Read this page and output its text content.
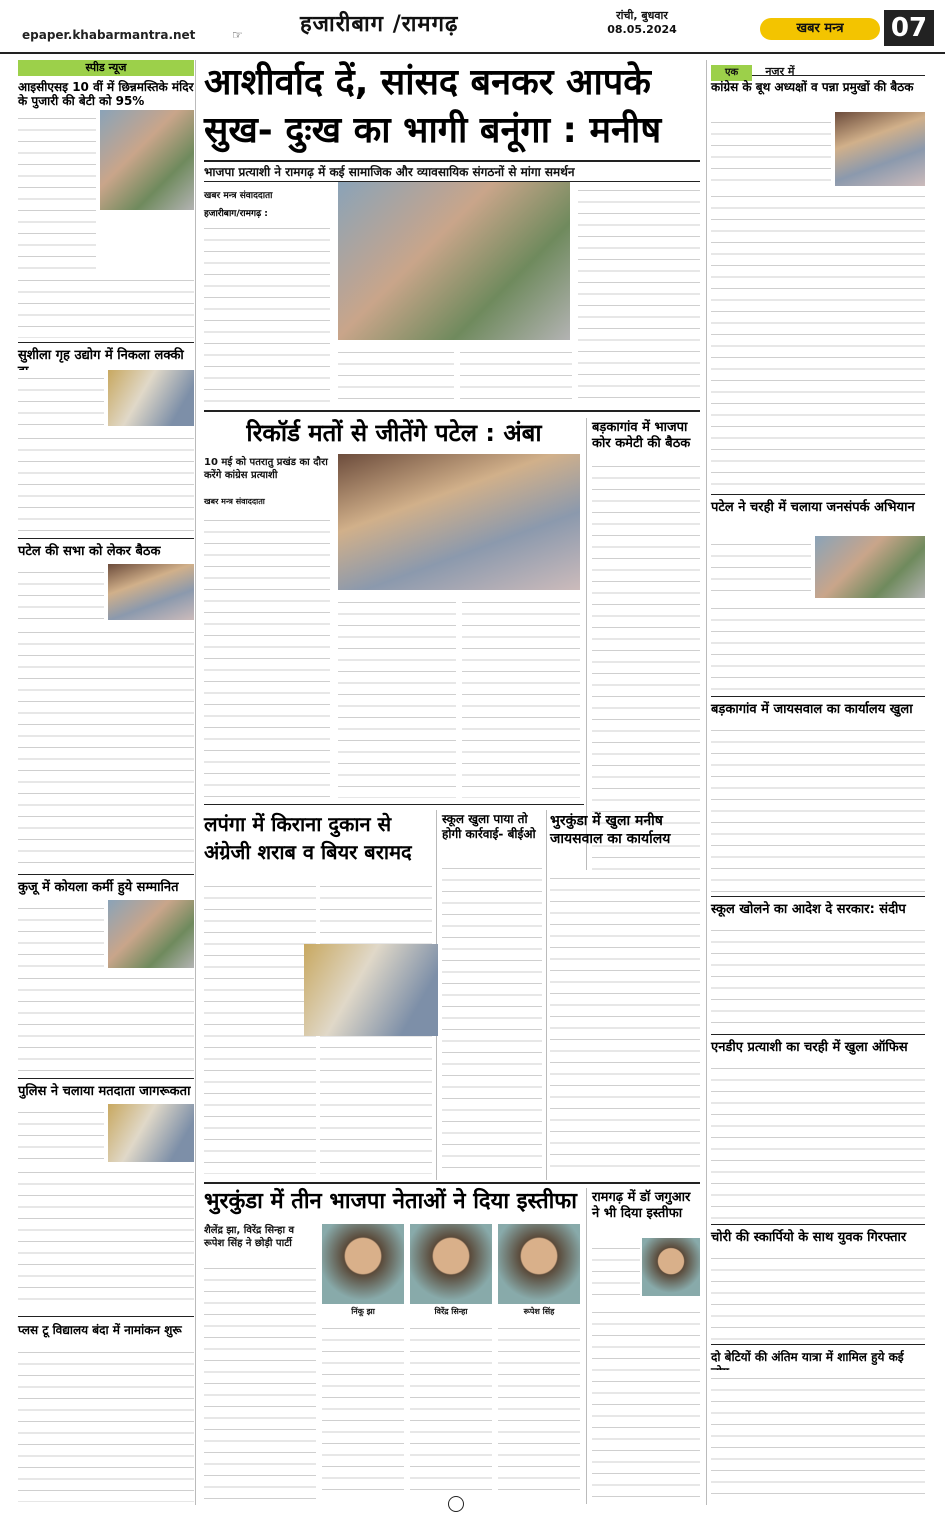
epaper.khabarmantra.net	☞	हजारीबाग /रामगढ़	रांची, बुधवार
08.05.2024	खबर मन्त्र	07
स्पीड न्यूज
आइसीएसइ 10 वीं में छिन्नमस्तिके मंदिर के पुजारी की बेटी को 95%
सुशीला गृह उद्योग में निकला लक्की
पटेल की सभा को लेकर बैठक
कुजू में कोयला कर्मी हुये सम्मानित
पुलिस ने चलाया मतदाता जागरूकता
प्लस टू विद्यालय बंदा में नामांकन शुरू
आशीर्वाद दें, सांसद बनकर आपके
सुख- दुःख का भागी बनूंगा : मनीष
भाजपा प्रत्याशी ने रामगढ़ में कई सामाजिक और व्यावसायिक संगठनों से मांगा समर्थन
खबर मन्त्र संवाददाता
हजारीबाग/रामगढ़ :
रिकॉर्ड मतों से जीतेंगे पटेल : अंबा
10 मई को पतरातु प्रखंड का दौरा करेंगे कांग्रेस प्रत्याशी
खबर मन्त्र संवाददाता
बड़कागांव में भाजपा कोर कमेटी की बैठक
लपंगा में किराना दुकान से अंग्रेजी शराब व बियर बरामद
स्कूल खुला पाया तो होगी कार्रवाई- बीईओ
भुरकुंडा में खुला मनीष जायसवाल का कार्यालय
भुरकुंडा में तीन भाजपा नेताओं ने दिया इस्तीफा
शैलेंद्र झा, विरेंद्र सिन्हा व रूपेश सिंह ने छोड़ी पार्टी
निंकू झा	विरेंद्र सिन्हा	रूपेश सिंह
रामगढ़ में डॉ जगुआर ने भी दिया इस्तीफा
एक नजर में
कांग्रेस के बूथ अध्यक्षों व पन्ना प्रमुखों की बैठक
पटेल ने चरही में चलाया जनसंपर्क अभियान
बड़कागांव में जायसवाल का कार्यालय खुला
स्कूल खोलने का आदेश दे सरकार: संदीप
एनडीए प्रत्याशी का चरही में खुला ऑफिस
चोरी की स्कार्पियो के साथ युवक गिरफ्तार
दो बेटियों की अंतिम यात्रा में शामिल हुये कई
